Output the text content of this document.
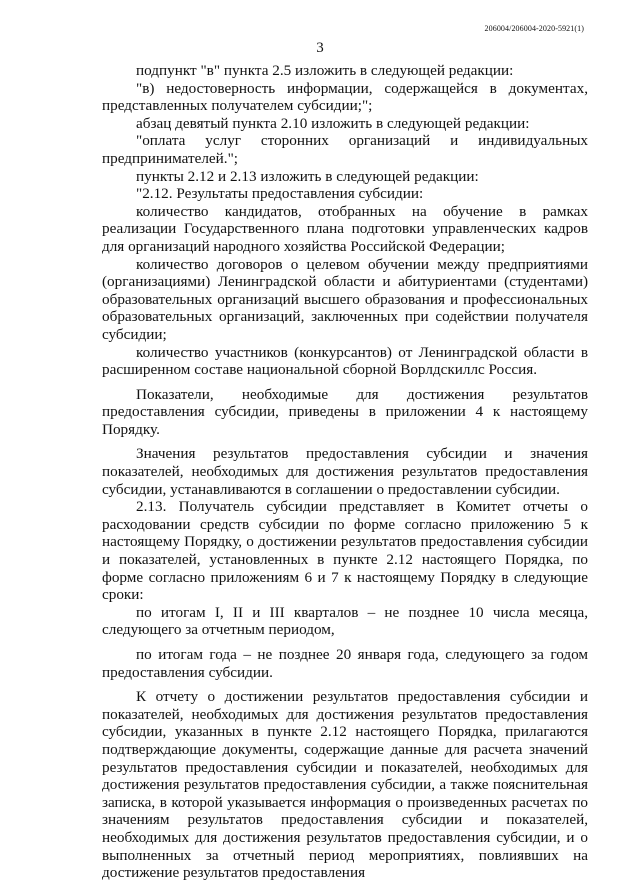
206004/206004-2020-5921(1)
3

подпункт "в" пункта 2.5 изложить в следующей редакции:

"в) недостоверность информации, содержащейся в документах, представленных получателем субсидии;";

абзац девятый пункта 2.10 изложить в следующей редакции:

"оплата услуг сторонних организаций и индивидуальных предпринимателей.";

пункты 2.12 и 2.13 изложить в следующей редакции:

"2.12. Результаты предоставления субсидии:

количество кандидатов, отобранных на обучение в рамках реализации Государственного плана подготовки управленческих кадров для организаций народного хозяйства Российской Федерации;

количество договоров о целевом обучении между предприятиями (организациями) Ленинградской области и абитуриентами (студентами) образовательных организаций высшего образования и профессиональных образовательных организаций, заключенных при содействии получателя субсидии;

количество участников (конкурсантов) от Ленинградской области в расширенном составе национальной сборной Ворлдскиллс Россия.

Показатели, необходимые для достижения результатов предоставления субсидии, приведены в приложении 4 к настоящему Порядку.

Значения результатов предоставления субсидии и значения показателей, необходимых для достижения результатов предоставления субсидии, устанавливаются в соглашении о предоставлении субсидии.

2.13. Получатель субсидии представляет в Комитет отчеты о расходовании средств субсидии по форме согласно приложению 5 к настоящему Порядку, о достижении результатов предоставления субсидии и показателей, установленных в пункте 2.12 настоящего Порядка, по форме согласно приложениям 6 и 7 к настоящему Порядку в следующие сроки:

по итогам I, II и III кварталов – не позднее 10 числа месяца, следующего за отчетным периодом,

по итогам года – не позднее 20 января года, следующего за годом предоставления субсидии.

К отчету о достижении результатов предоставления субсидии и показателей, необходимых для достижения результатов предоставления субсидии, указанных в пункте 2.12 настоящего Порядка, прилагаются подтверждающие документы, содержащие данные для расчета значений результатов предоставления субсидии и показателей, необходимых для достижения результатов предоставления субсидии, а также пояснительная записка, в которой указывается информация о произведенных расчетах по значениям результатов предоставления субсидии и показателей, необходимых для достижения результатов предоставления субсидии, и о выполненных за отчетный период мероприятиях, повлиявших на достижение результатов предоставления
